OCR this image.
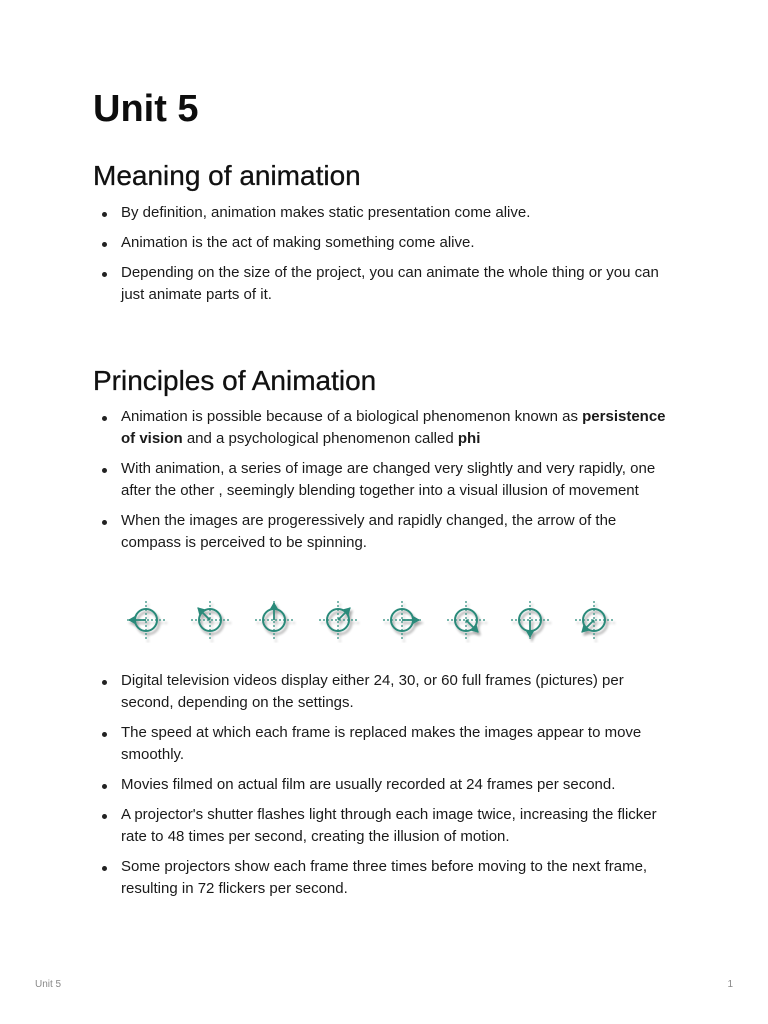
Unit 5
Meaning of animation
By definition, animation makes static presentation come alive.
Animation is the act of making something come alive.
Depending on the size of the project, you can animate the whole thing or you can just animate parts of it.
Principles of Animation
Animation is possible because of a biological phenomenon known as persistence of vision and a psychological phenomenon called phi
With animation, a series of image are changed very slightly and very rapidly, one after the other , seemingly blending together into a visual illusion of movement
When the images are progeressively and rapidly changed, the arrow of the compass is perceived to be spinning.
Digital television videos display either 24, 30, or 60 full frames (pictures) per second, depending on the settings.
The speed at which each frame is replaced makes the images appear to move smoothly.
Movies filmed on actual film are usually recorded at 24 frames per second.
A projector's shutter flashes light through each image twice, increasing the flicker rate to 48 times per second, creating the illusion of motion.
Some projectors show each frame three times before moving to the next frame, resulting in 72 flickers per second.
Unit 5	1
